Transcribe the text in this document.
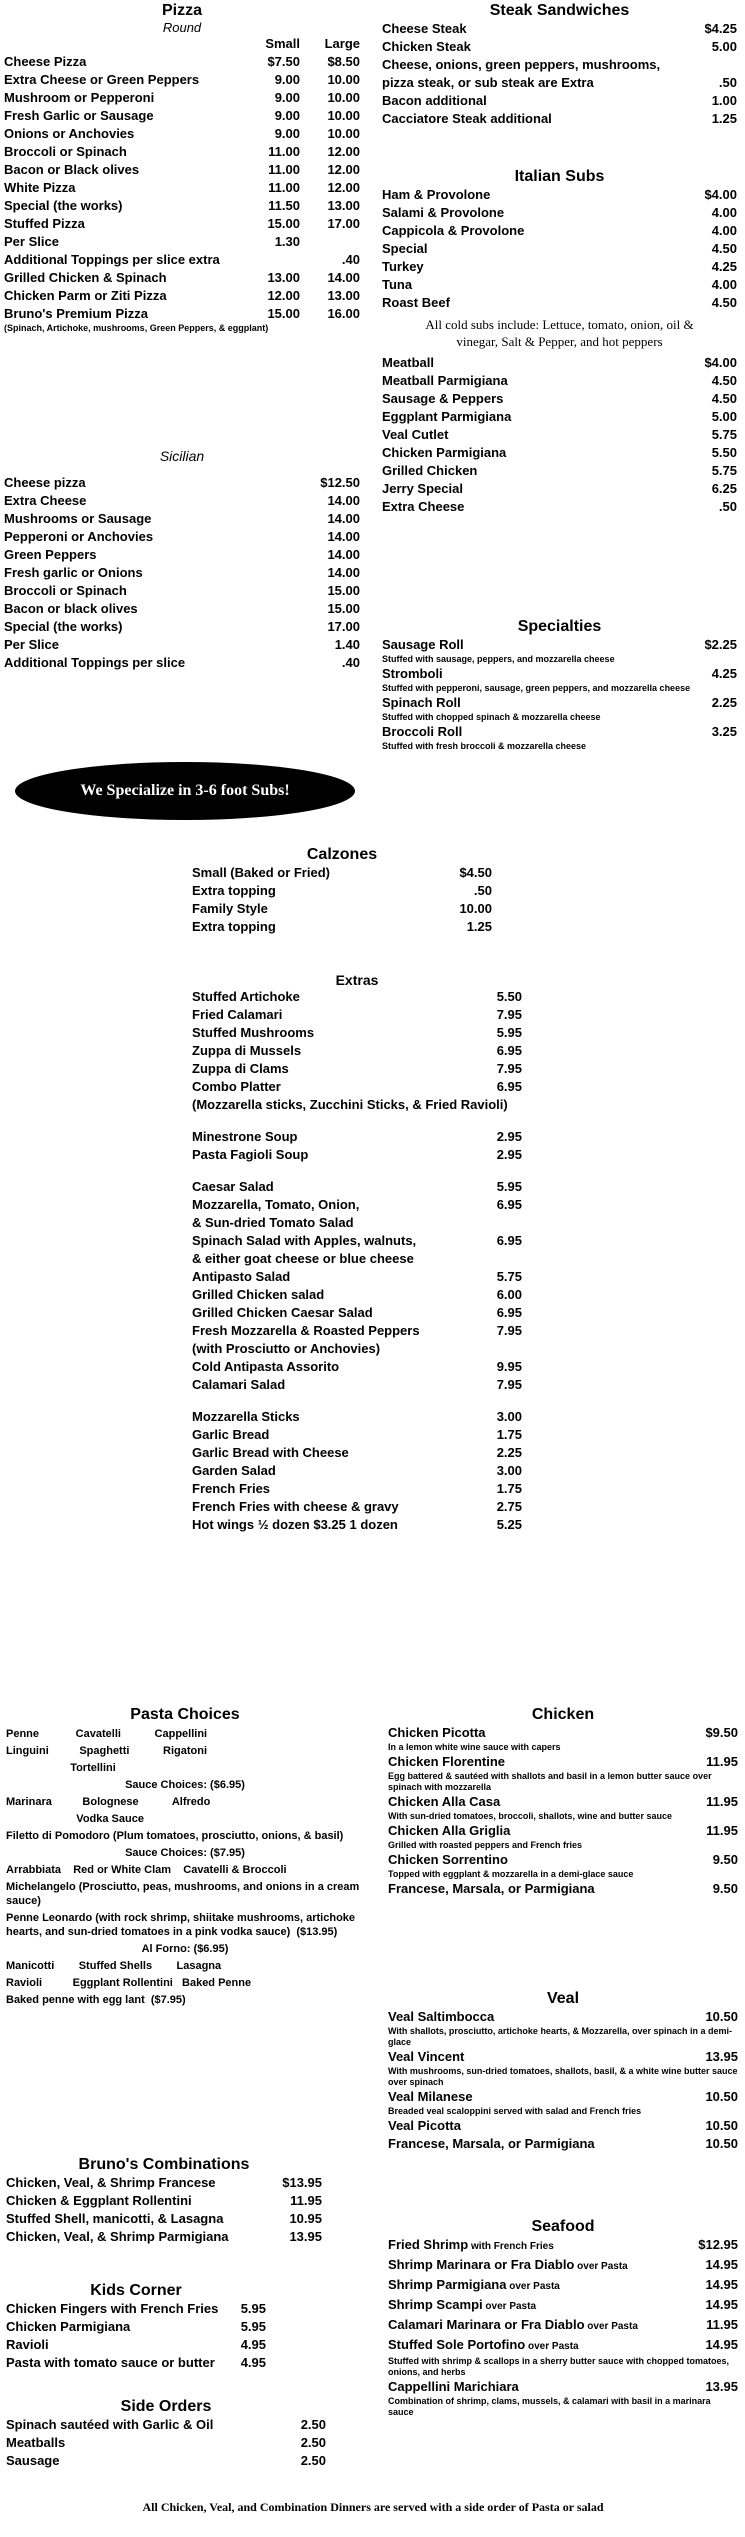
Pizza
Round
Small	Large
Cheese Pizza	$7.50	$8.50
Extra Cheese or Green Peppers	9.00	10.00
Mushroom or Pepperoni	9.00	10.00
Fresh Garlic or Sausage	9.00	10.00
Onions or Anchovies	9.00	10.00
Broccoli or Spinach	11.00	12.00
Bacon or Black olives	11.00	12.00
White Pizza	11.00	12.00
Special (the works)	11.50	13.00
Stuffed Pizza	15.00	17.00
Per Slice	1.30
Additional Toppings per slice extra	.40
Grilled Chicken & Spinach	13.00	14.00
Chicken Parm or Ziti Pizza	12.00	13.00
Bruno's Premium Pizza	15.00	16.00
(Spinach, Artichoke, mushrooms, Green Peppers, & eggplant)
Sicilian
Cheese pizza	$12.50
Extra Cheese	14.00
Mushrooms or Sausage	14.00
Pepperoni or Anchovies	14.00
Green Peppers	14.00
Fresh garlic or Onions	14.00
Broccoli or Spinach	15.00
Bacon or black olives	15.00
Special (the works)	17.00
Per Slice	1.40
Additional Toppings per slice	.40
We Specialize in 3-6 foot Subs!
Steak Sandwiches
Cheese Steak	$4.25
Chicken Steak	5.00
Cheese, onions, green peppers, mushrooms,
pizza steak, or sub steak are Extra	.50
Bacon additional	1.00
Cacciatore Steak additional	1.25
Italian Subs
Ham & Provolone	$4.00
Salami & Provolone	4.00
Cappicola & Provolone	4.00
Special	4.50
Turkey	4.25
Tuna	4.00
Roast Beef	4.50
All cold subs include: Lettuce, tomato, onion, oil & vinegar, Salt & Pepper, and hot peppers
Meatball	$4.00
Meatball Parmigiana	4.50
Sausage & Peppers	4.50
Eggplant Parmigiana	5.00
Veal Cutlet	5.75
Chicken Parmigiana	5.50
Grilled Chicken	5.75
Jerry Special	6.25
Extra Cheese	.50
Specialties
Sausage Roll	$2.25
Stuffed with sausage, peppers, and mozzarella cheese
Stromboli	4.25
Stuffed with pepperoni, sausage, green peppers, and mozzarella cheese
Spinach Roll	2.25
Stuffed with chopped spinach & mozzarella cheese
Broccoli Roll	3.25
Stuffed with fresh broccoli & mozzarella cheese
Calzones
Small (Baked or Fried)	$4.50
Extra topping	.50
Family Style	10.00
Extra topping	1.25
Extras
Stuffed Artichoke	5.50
Fried Calamari	7.95
Stuffed Mushrooms	5.95
Zuppa di Mussels	6.95
Zuppa di Clams	7.95
Combo Platter	6.95
(Mozzarella sticks, Zucchini Sticks, & Fried Ravioli)
Minestrone Soup	2.95
Pasta Fagioli Soup	2.95
Caesar Salad	5.95
Mozzarella, Tomato, Onion,	6.95
& Sun-dried Tomato Salad
Spinach Salad with Apples, walnuts,	6.95
& either goat cheese or blue cheese
Antipasto Salad	5.75
Grilled Chicken salad	6.00
Grilled Chicken Caesar Salad	6.95
Fresh Mozzarella & Roasted Peppers	7.95
(with Prosciutto or Anchovies)
Cold Antipasta Assorito	9.95
Calamari Salad	7.95
Mozzarella Sticks	3.00
Garlic Bread	1.75
Garlic Bread with Cheese	2.25
Garden Salad	3.00
French Fries	1.75
French Fries with cheese & gravy	2.75
Hot wings ½ dozen $3.25 1 dozen	5.25
Pasta Choices
Penne            Cavatelli           Cappellini
Linguini          Spaghetti           Rigatoni
Tortellini
Sauce Choices: ($6.95)
Marinara          Bolognese           Alfredo
Vodka Sauce
Filetto di Pomodoro (Plum tomatoes, prosciutto, onions, & basil)
Sauce Choices: ($7.95)
Arrabbiata    Red or White Clam    Cavatelli & Broccoli
Michelangelo (Prosciutto, peas, mushrooms, and onions in a cream sauce)
Penne Leonardo (with rock shrimp, shiitake mushrooms, artichoke hearts, and sun-dried tomatoes in a pink vodka sauce)  ($13.95)
Al Forno: ($6.95)
Manicotti        Stuffed Shells        Lasagna
Ravioli          Eggplant Rollentini   Baked Penne
Baked penne with egg lant  ($7.95)
Bruno's Combinations
Chicken, Veal, & Shrimp Francese	$13.95
Chicken & Eggplant Rollentini	11.95
Stuffed Shell, manicotti, & Lasagna	10.95
Chicken, Veal, & Shrimp Parmigiana	13.95
Kids Corner
Chicken Fingers with French Fries	5.95
Chicken Parmigiana	5.95
Ravioli	4.95
Pasta with tomato sauce or butter	4.95
Side Orders
Spinach sautéed with Garlic & Oil	2.50
Meatballs	2.50
Sausage	2.50
Chicken
Chicken Picotta	$9.50
In a lemon white wine sauce with capers
Chicken Florentine	11.95
Egg battered & sautéed with shallots and basil in a lemon butter sauce over spinach with mozzarella
Chicken Alla Casa	11.95
With sun-dried tomatoes, broccoli, shallots, wine and butter sauce
Chicken Alla Griglia	11.95
Grilled with roasted peppers and French fries
Chicken Sorrentino	9.50
Topped with eggplant & mozzarella in a demi-glace sauce
Francese, Marsala, or Parmigiana	9.50
Veal
Veal Saltimbocca	10.50
With shallots, prosciutto, artichoke hearts, & Mozzarella, over spinach in a demi-glace
Veal Vincent	13.95
With mushrooms, sun-dried tomatoes, shallots, basil, & a white wine butter sauce over spinach
Veal Milanese	10.50
Breaded veal scaloppini served with salad and French fries
Veal Picotta	10.50
Francese, Marsala, or Parmigiana	10.50
Seafood
Fried Shrimp with French Fries	$12.95
Shrimp Marinara or Fra Diablo over Pasta	14.95
Shrimp Parmigiana over Pasta	14.95
Shrimp Scampi over Pasta	14.95
Calamari Marinara or Fra Diablo over Pasta	11.95
Stuffed Sole Portofino over Pasta	14.95
Stuffed with shrimp & scallops in a sherry butter sauce with chopped tomatoes, onions, and herbs
Cappellini Marichiara	13.95
Combination of shrimp, clams, mussels, & calamari with basil in a marinara sauce
All Chicken, Veal, and Combination Dinners are served with a side order of Pasta or salad
